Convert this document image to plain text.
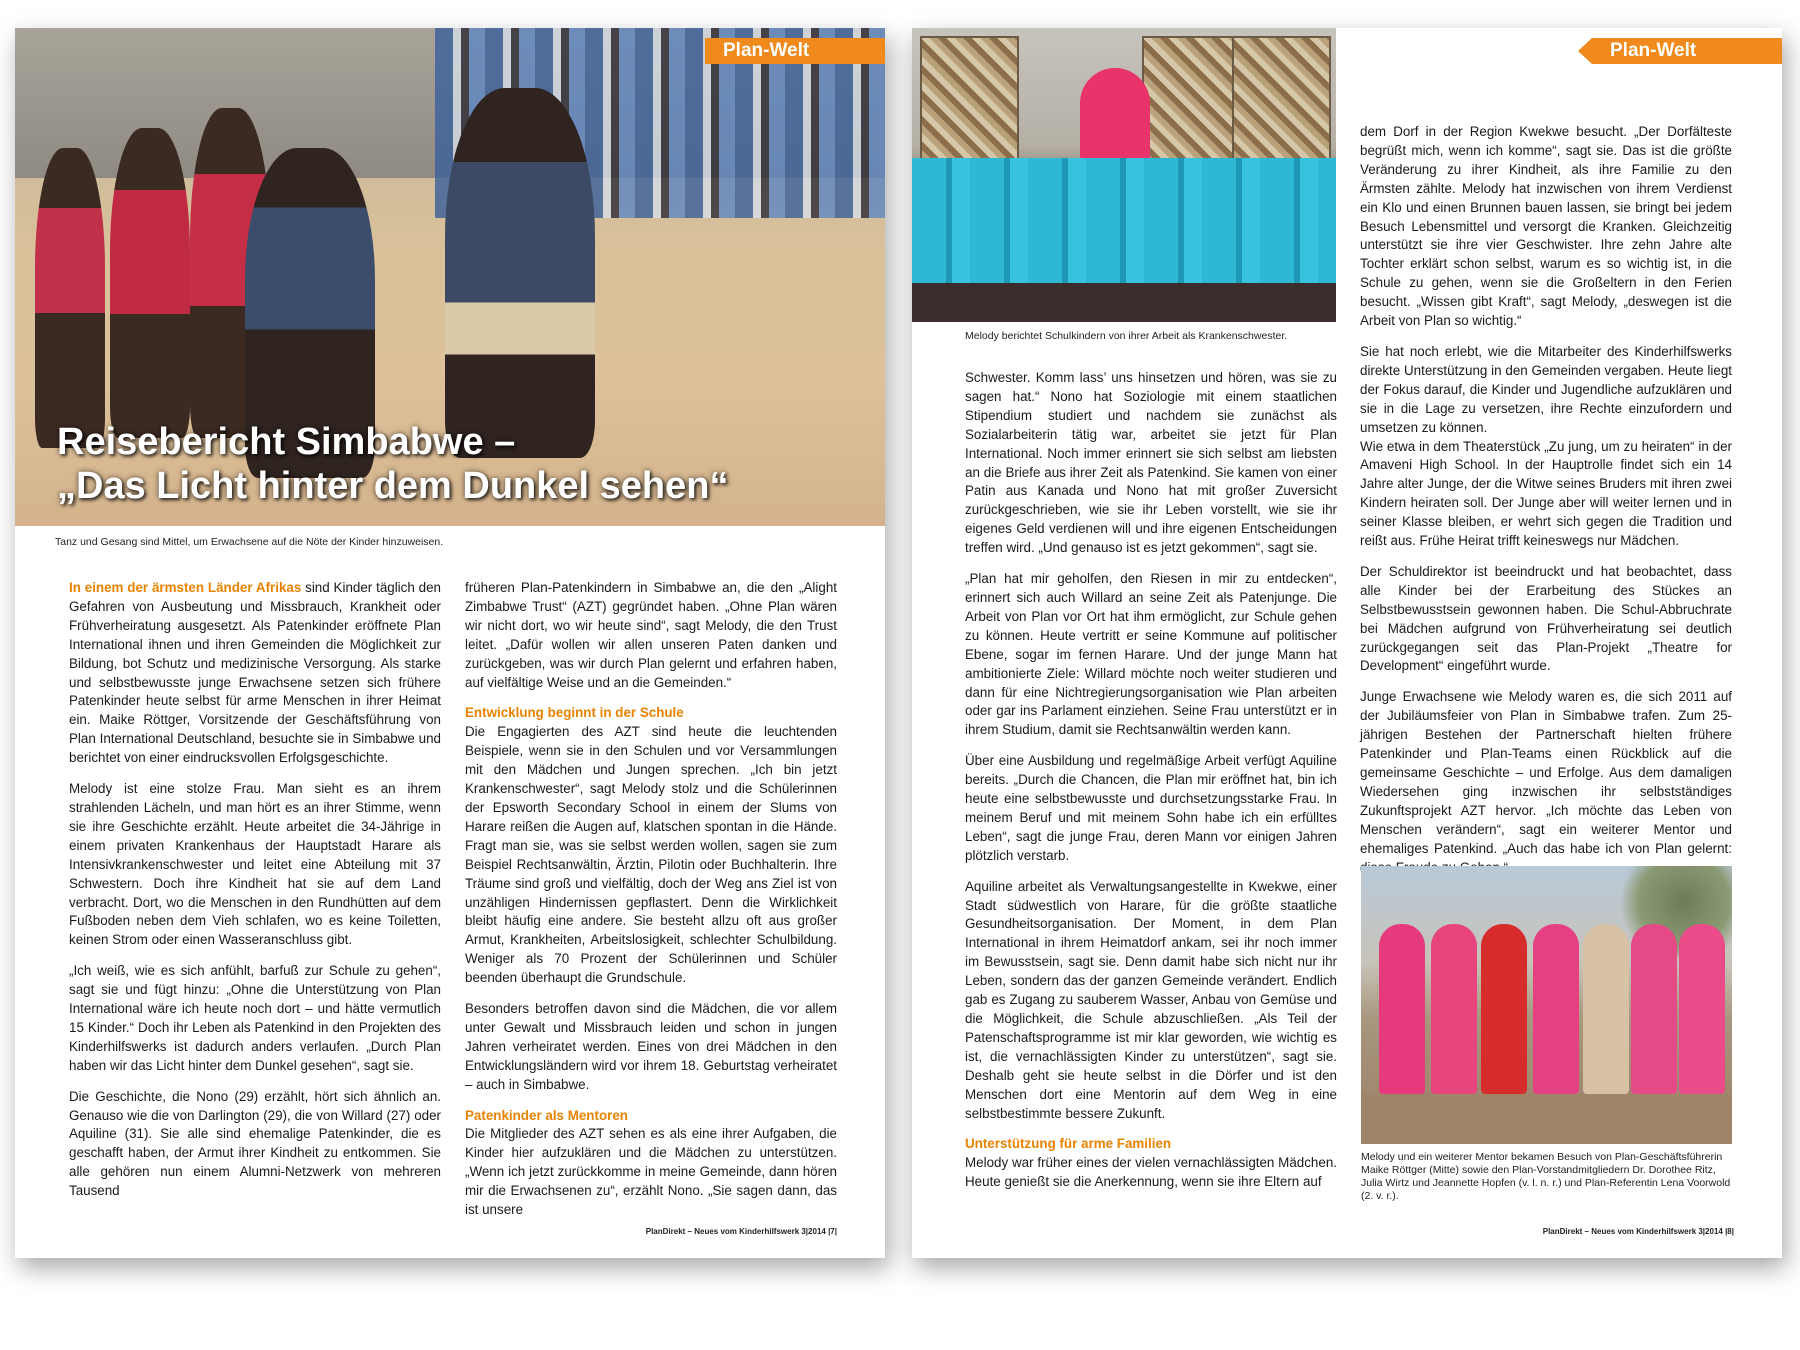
Plan-Welt
Reisebericht Simbabwe –
„Das Licht hinter dem Dunkel sehen“
Tanz und Gesang sind Mittel, um Erwachsene auf die Nöte der Kinder hinzuweisen.

In einem der ärmsten Länder Afrikas sind Kinder täglich den Gefahren von Ausbeutung und Missbrauch, Krankheit oder Frühverheiratung ausgesetzt. Als Patenkinder eröffnete Plan International ihnen und ihren Gemeinden die Möglichkeit zur Bildung, bot Schutz und medizinische Versorgung. Als starke und selbstbewusste junge Erwachsene setzen sich frühere Patenkinder heute selbst für arme Menschen in ihrer Heimat ein. Maike Röttger, Vorsitzende der Geschäftsführung von Plan International Deutschland, besuchte sie in Simbabwe und berichtet von einer eindrucksvollen Erfolgsgeschichte.

Melody ist eine stolze Frau. Man sieht es an ihrem strahlenden Lächeln, und man hört es an ihrer Stimme, wenn sie ihre Geschichte erzählt. Heute arbeitet die 34-Jährige in einem privaten Krankenhaus der Hauptstadt Harare als Intensivkrankenschwester und leitet eine Abteilung mit 37 Schwestern. Doch ihre Kindheit hat sie auf dem Land verbracht. Dort, wo die Menschen in den Rundhütten auf dem Fußboden neben dem Vieh schlafen, wo es keine Toiletten, keinen Strom oder einen Wasseranschluss gibt.

„Ich weiß, wie es sich anfühlt, barfuß zur Schule zu gehen“, sagt sie und fügt hinzu: „Ohne die Unterstützung von Plan International wäre ich heute noch dort – und hätte vermutlich 15 Kinder.“ Doch ihr Leben als Patenkind in den Projekten des Kinderhilfswerks ist dadurch anders verlaufen. „Durch Plan haben wir das Licht hinter dem Dunkel gesehen“, sagt sie.

Die Geschichte, die Nono (29) erzählt, hört sich ähnlich an. Genauso wie die von Darlington (29), die von Willard (27) oder Aquiline (31). Sie alle sind ehemalige Patenkinder, die es geschafft haben, der Armut ihrer Kindheit zu entkommen. Sie alle gehören nun einem Alumni-Netzwerk von mehreren Tausend

früheren Plan-Patenkindern in Simbabwe an, die den „Alight Zimbabwe Trust“ (AZT) gegründet haben. „Ohne Plan wären wir nicht dort, wo wir heute sind“, sagt Melody, die den Trust leitet. „Dafür wollen wir allen unseren Paten danken und zurückgeben, was wir durch Plan gelernt und erfahren haben, auf vielfältige Weise und an die Gemeinden.“

Entwicklung beginnt in der Schule

Die Engagierten des AZT sind heute die leuchtenden Beispiele, wenn sie in den Schulen und vor Versammlungen mit den Mädchen und Jungen sprechen. „Ich bin jetzt Krankenschwester“, sagt Melody stolz und die Schülerinnen der Epsworth Secondary School in einem der Slums von Harare reißen die Augen auf, klatschen spontan in die Hände. Fragt man sie, was sie selbst werden wollen, sagen sie zum Beispiel Rechtsanwältin, Ärztin, Pilotin oder Buchhalterin. Ihre Träume sind groß und vielfältig, doch der Weg ans Ziel ist von unzähligen Hindernissen gepflastert. Denn die Wirklichkeit bleibt häufig eine andere. Sie besteht allzu oft aus großer Armut, Krankheiten, Arbeitslosigkeit, schlechter Schulbildung. Weniger als 70 Prozent der Schülerinnen und Schüler beenden überhaupt die Grundschule.

Besonders betroffen davon sind die Mädchen, die vor allem unter Gewalt und Missbrauch leiden und schon in jungen Jahren verheiratet werden. Eines von drei Mädchen in den Entwicklungsländern wird vor ihrem 18. Geburtstag verheiratet – auch in Simbabwe.

Patenkinder als Mentoren

Die Mitglieder des AZT sehen es als eine ihrer Aufgaben, die Kinder hier aufzuklären und die Mädchen zu unterstützen. „Wenn ich jetzt zurückkomme in meine Gemeinde, dann hören mir die Erwachsenen zu“, erzählt Nono. „Sie sagen dann, das ist unsere

PlanDirekt – Neues vom Kinderhilfswerk 3|2014 |7|
Melody berichtet Schulkindern von ihrer Arbeit als Krankenschwester.
Plan-Welt

Schwester. Komm lass’ uns hinsetzen und hören, was sie zu sagen hat.“ Nono hat Soziologie mit einem staatlichen Stipendium studiert und nachdem sie zunächst als Sozialarbeiterin tätig war, arbeitet sie jetzt für Plan International. Noch immer erinnert sie sich selbst am liebsten an die Briefe aus ihrer Zeit als Patenkind. Sie kamen von einer Patin aus Kanada und Nono hat mit großer Zuversicht zurückgeschrieben, wie sie ihr Leben vorstellt, wie sie ihr eigenes Geld verdienen will und ihre eigenen Entscheidungen treffen wird. „Und genauso ist es jetzt gekommen“, sagt sie.

„Plan hat mir geholfen, den Riesen in mir zu entdecken“, erinnert sich auch Willard an seine Zeit als Patenjunge. Die Arbeit von Plan vor Ort hat ihm ermöglicht, zur Schule gehen zu können. Heute vertritt er seine Kommune auf politischer Ebene, sogar im fernen Harare. Und der junge Mann hat ambitionierte Ziele: Willard möchte noch weiter studieren und dann für eine Nichtregierungsorganisation wie Plan arbeiten oder gar ins Parlament einziehen. Seine Frau unterstützt er in ihrem Studium, damit sie Rechtsanwältin werden kann.

Über eine Ausbildung und regelmäßige Arbeit verfügt Aquiline bereits. „Durch die Chancen, die Plan mir eröffnet hat, bin ich heute eine selbstbewusste und durchsetzungsstarke Frau. In meinem Beruf und mit meinem Sohn habe ich ein erfülltes Leben“, sagt die junge Frau, deren Mann vor einigen Jahren plötzlich verstarb.

Aquiline arbeitet als Verwaltungsangestellte in Kwekwe, einer Stadt südwestlich von Harare, für die größte staatliche Gesundheitsorganisation. Der Moment, in dem Plan International in ihrem Heimatdorf ankam, sei ihr noch immer im Bewusstsein, sagt sie. Denn damit habe sich nicht nur ihr Leben, sondern das der ganzen Gemeinde verändert. Endlich gab es Zugang zu sauberem Wasser, Anbau von Gemüse und die Möglichkeit, die Schule abzuschließen. „Als Teil der Patenschaftsprogramme ist mir klar geworden, wie wichtig es ist, die vernachlässigten Kinder zu unterstützen“, sagt sie. Deshalb geht sie heute selbst in die Dörfer und ist den Menschen dort eine Mentorin auf dem Weg in eine selbstbestimmte bessere Zukunft.

Unterstützung für arme Familien

Melody war früher eines der vielen vernachlässigten Mädchen. Heute genießt sie die Anerkennung, wenn sie ihre Eltern auf

dem Dorf in der Region Kwekwe besucht. „Der Dorfälteste begrüßt mich, wenn ich komme“, sagt sie. Das ist die größte Veränderung zu ihrer Kindheit, als ihre Familie zu den Ärmsten zählte. Melody hat inzwischen von ihrem Verdienst ein Klo und einen Brunnen bauen lassen, sie bringt bei jedem Besuch Lebensmittel und versorgt die Kranken. Gleichzeitig unterstützt sie ihre vier Geschwister. Ihre zehn Jahre alte Tochter erklärt schon selbst, warum es so wichtig ist, in die Schule zu gehen, wenn sie die Großeltern in den Ferien besucht. „Wissen gibt Kraft“, sagt Melody, „deswegen ist die Arbeit von Plan so wichtig.“

Sie hat noch erlebt, wie die Mitarbeiter des Kinderhilfswerks direkte Unterstützung in den Gemeinden vergaben. Heute liegt der Fokus darauf, die Kinder und Jugendliche aufzuklären und sie in die Lage zu versetzen, ihre Rechte einzufordern und umsetzen zu können.

Wie etwa in dem Theaterstück „Zu jung, um zu heiraten“ in der Amaveni High School. In der Hauptrolle findet sich ein 14 Jahre alter Junge, der die Witwe seines Bruders mit ihren zwei Kindern heiraten soll. Der Junge aber will weiter lernen und in seiner Klasse bleiben, er wehrt sich gegen die Tradition und reißt aus. Frühe Heirat trifft keineswegs nur Mädchen.

Der Schuldirektor ist beeindruckt und hat beobachtet, dass alle Kinder bei der Erarbeitung des Stückes an Selbstbewusstsein gewonnen haben. Die Schul-Abbruchrate bei Mädchen aufgrund von Frühverheiratung sei deutlich zurückgegangen seit das Plan-Projekt „Theatre for Development“ eingeführt wurde.

Junge Erwachsene wie Melody waren es, die sich 2011 auf der Jubiläumsfeier von Plan in Simbabwe trafen. Zum 25-jährigen Bestehen der Partnerschaft hielten frühere Patenkinder und Plan-Teams einen Rückblick auf die gemeinsame Geschichte – und Erfolge. Aus dem damaligen Wiedersehen ging inzwischen ihr selbstständiges Zukunftsprojekt AZT hervor. „Ich möchte das Leben von Menschen verändern“, sagt ein weiterer Mentor und ehemaliges Patenkind. „Auch das habe ich von Plan gelernt:

Melody und ein weiterer Mentor bekamen Besuch von Plan-Geschäftsführerin Maike Röttger (Mitte) sowie den Plan-Vorstandmitgliedern Dr. Dorothee Ritz, Julia Wirtz und Jeannette Hopfen (v. l. n. r.) und Plan-Referentin Lena Voorwold (2. v. r.).
PlanDirekt – Neues vom Kinderhilfswerk 3|2014 |8|
